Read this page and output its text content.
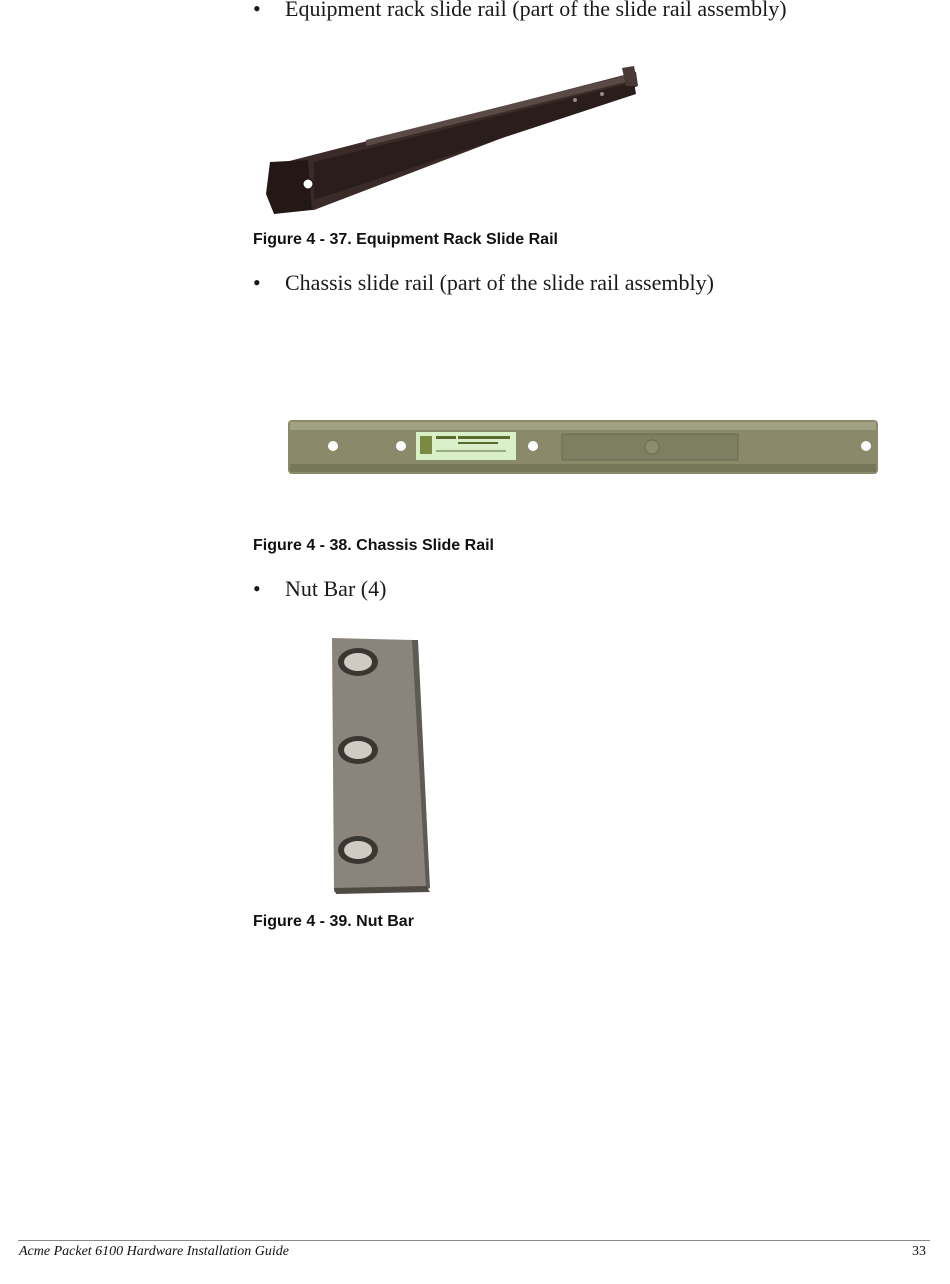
• Equipment rack slide rail (part of the slide rail assembly)
Figure 4 - 37. Equipment Rack Slide Rail
• Chassis slide rail (part of the slide rail assembly)
Figure 4 - 38. Chassis Slide Rail
• Nut Bar (4)
Figure 4 - 39. Nut Bar
Acme Packet 6100 Hardware Installation Guide	33
